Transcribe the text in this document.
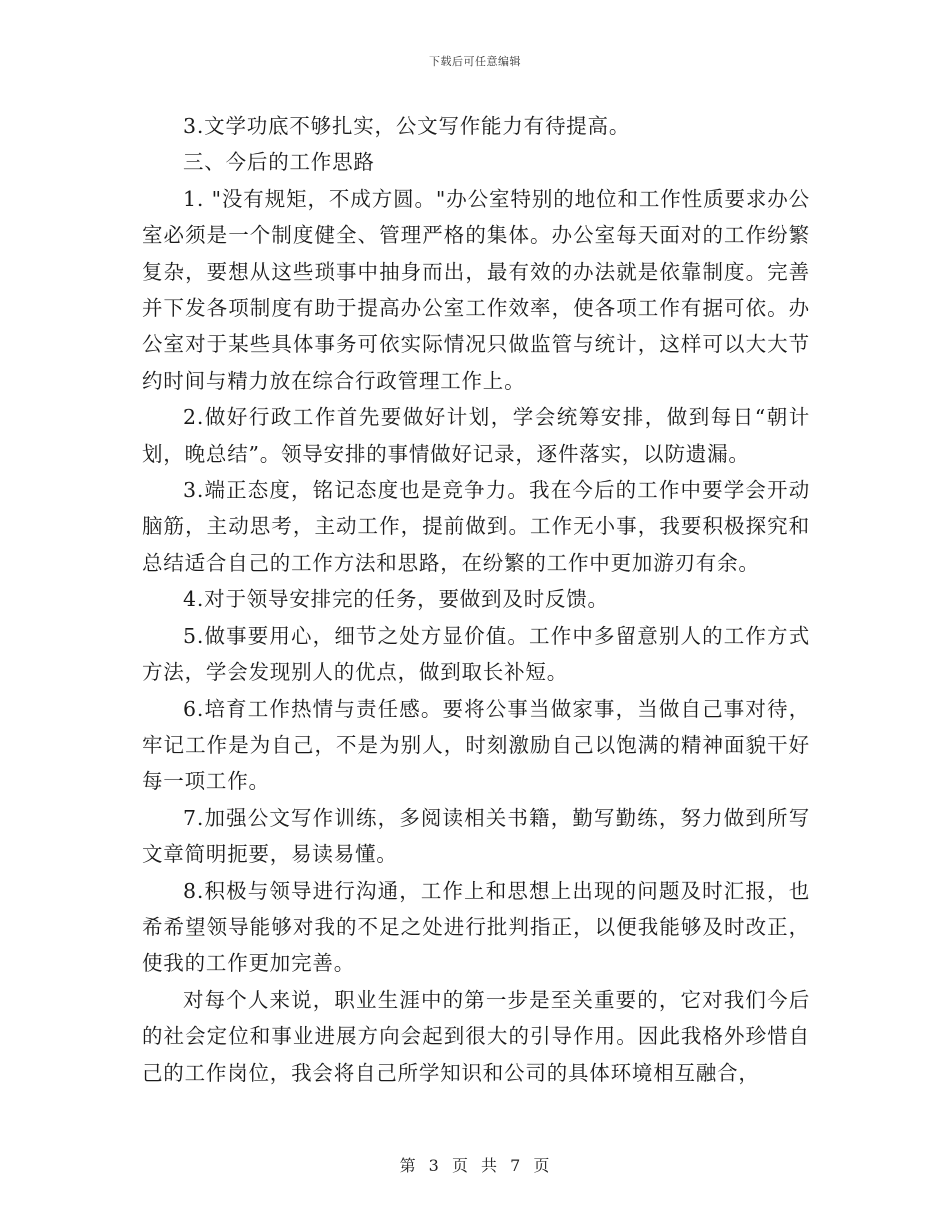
下载后可任意编辑

3.文学功底不够扎实，公文写作能力有待提高。

三、今后的工作思路

1. "没有规矩，不成方圆。"办公室特别的地位和工作性质要求办公室必须是一个制度健全、管理严格的集体。办公室每天面对的工作纷繁复杂，要想从这些琐事中抽身而出，最有效的办法就是依靠制度。完善并下发各项制度有助于提高办公室工作效率，使各项工作有据可依。办公室对于某些具体事务可依实际情况只做监管与统计，这样可以大大节约时间与精力放在综合行政管理工作上。

2.做好行政工作首先要做好计划，学会统筹安排，做到每日“朝计划，晚总结”。领导安排的事情做好记录，逐件落实，以防遗漏。

3.端正态度，铭记态度也是竞争力。我在今后的工作中要学会开动脑筋，主动思考，主动工作，提前做到。工作无小事，我要积极探究和总结适合自己的工作方法和思路，在纷繁的工作中更加游刃有余。

4.对于领导安排完的任务，要做到及时反馈。

5.做事要用心，细节之处方显价值。工作中多留意别人的工作方式方法，学会发现别人的优点，做到取长补短。

6.培育工作热情与责任感。要将公事当做家事，当做自己事对待，牢记工作是为自己，不是为别人，时刻激励自己以饱满的精神面貌干好每一项工作。

7.加强公文写作训练，多阅读相关书籍，勤写勤练，努力做到所写文章简明扼要，易读易懂。

8.积极与领导进行沟通，工作上和思想上出现的问题及时汇报，也希希望领导能够对我的不足之处进行批判指正，以便我能够及时改正，使我的工作更加完善。

对每个人来说，职业生涯中的第一步是至关重要的，它对我们今后的社会定位和事业进展方向会起到很大的引导作用。因此我格外珍惜自己的工作岗位，我会将自己所学知识和公司的具体环境相互融合，

第 3 页 共 7 页
